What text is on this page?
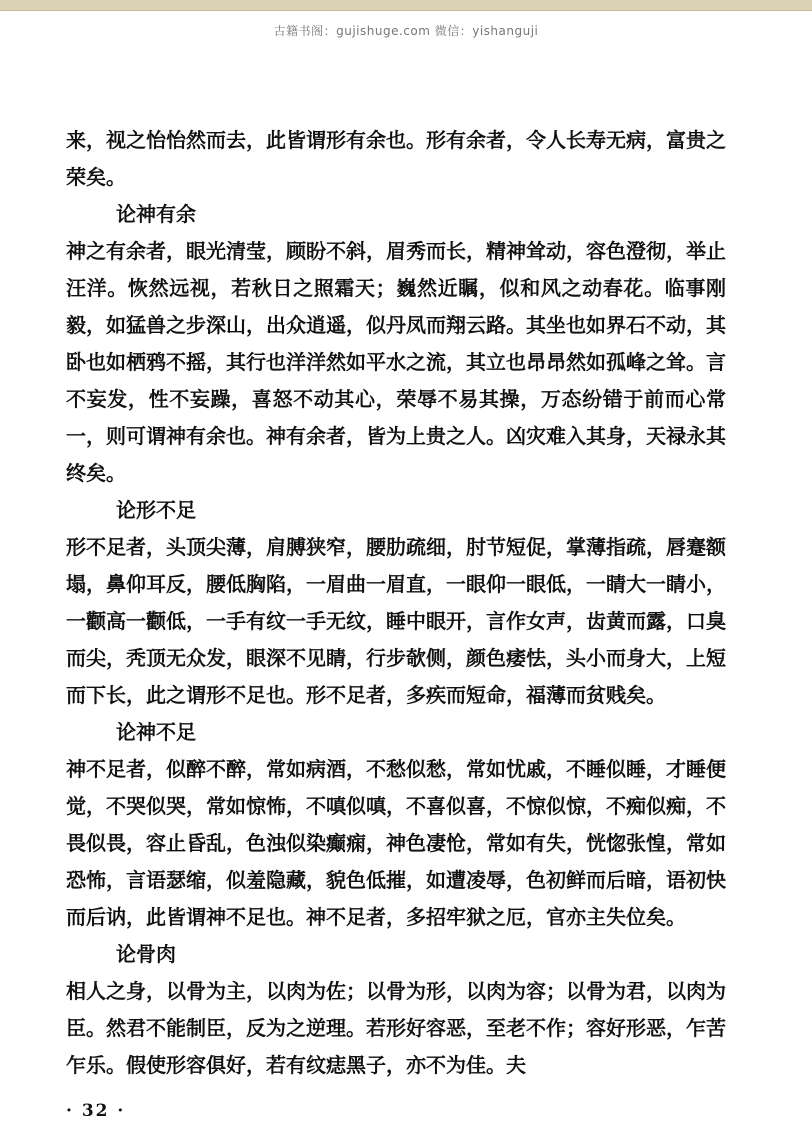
古籍书阁：gujishuge.com 微信：yishanguji

来，视之怡怡然而去，此皆谓形有余也。形有余者，令人长寿无病，富贵之荣矣。

论神有余

神之有余者，眼光清莹，顾盼不斜，眉秀而长，精神耸动，容色澄彻，举止汪洋。恢然远视，若秋日之照霜天；巍然近瞩，似和风之动春花。临事刚毅，如猛兽之步深山，出众逍遥，似丹凤而翔云路。其坐也如界石不动，其卧也如栖鸦不摇，其行也洋洋然如平水之流，其立也昂昂然如孤峰之耸。言不妄发，性不妄躁，喜怒不动其心，荣辱不易其操，万态纷错于前而心常一，则可谓神有余也。神有余者，皆为上贵之人。凶灾难入其身，天禄永其终矣。

论形不足

形不足者，头顶尖薄，肩膊狭窄，腰肋疏细，肘节短促，掌薄指疏，唇蹇额塌，鼻仰耳反，腰低胸陷，一眉曲一眉直，一眼仰一眼低，一睛大一睛小，一颧高一颧低，一手有纹一手无纹，睡中眼开，言作女声，齿黄而露，口臭而尖，秃顶无众发，眼深不见睛，行步欹侧，颜色痿怯，头小而身大，上短而下长，此之谓形不足也。形不足者，多疾而短命，福薄而贫贱矣。

论神不足

神不足者，似醉不醉，常如病酒，不愁似愁，常如忧戚，不睡似睡，才睡便觉，不哭似哭，常如惊怖，不嗔似嗔，不喜似喜，不惊似惊，不痴似痴，不畏似畏，容止昏乱，色浊似染癫痫，神色凄怆，常如有失，恍惚张惶，常如恐怖，言语瑟缩，似羞隐藏，貌色低摧，如遭凌辱，色初鲜而后暗，语初快而后讷，此皆谓神不足也。神不足者，多招牢狱之厄，官亦主失位矣。

论骨肉

相人之身，以骨为主，以肉为佐；以骨为形，以肉为容；以骨为君，以肉为臣。然君不能制臣，反为之逆理。若形好容恶，至老不作；容好形恶，乍苦乍乐。假使形容俱好，若有纹痣黑子，亦不为佳。夫

· 32 ·
